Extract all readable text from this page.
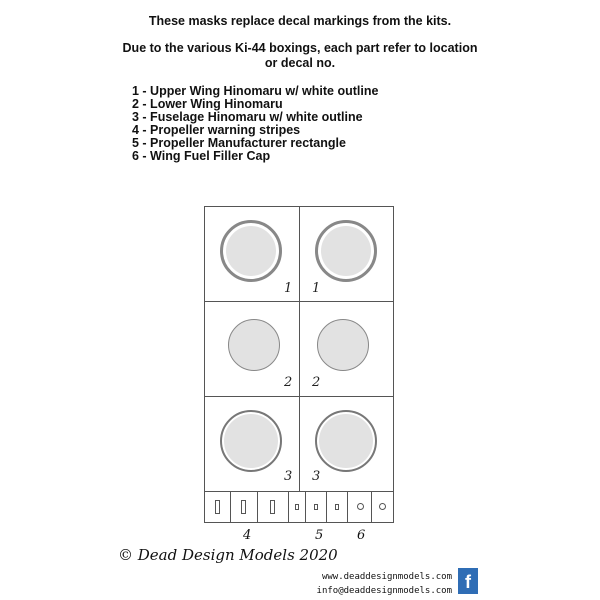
These masks replace decal markings from the kits.

Due to the various Ki-44 boxings, each part refer to location or decal no.

1 - Upper Wing Hinomaru w/ white outline
2 - Lower Wing Hinomaru
3 - Fuselage Hinomaru w/ white outline
4 - Propeller warning stripes
5 - Propeller Manufacturer rectangle
6 - Wing Fuel Filler Cap
1 1
2 2
3 3
4	5	6
© Dead Design Models 2020
www.deaddesignmodels.com
info@deaddesignmodels.com f
